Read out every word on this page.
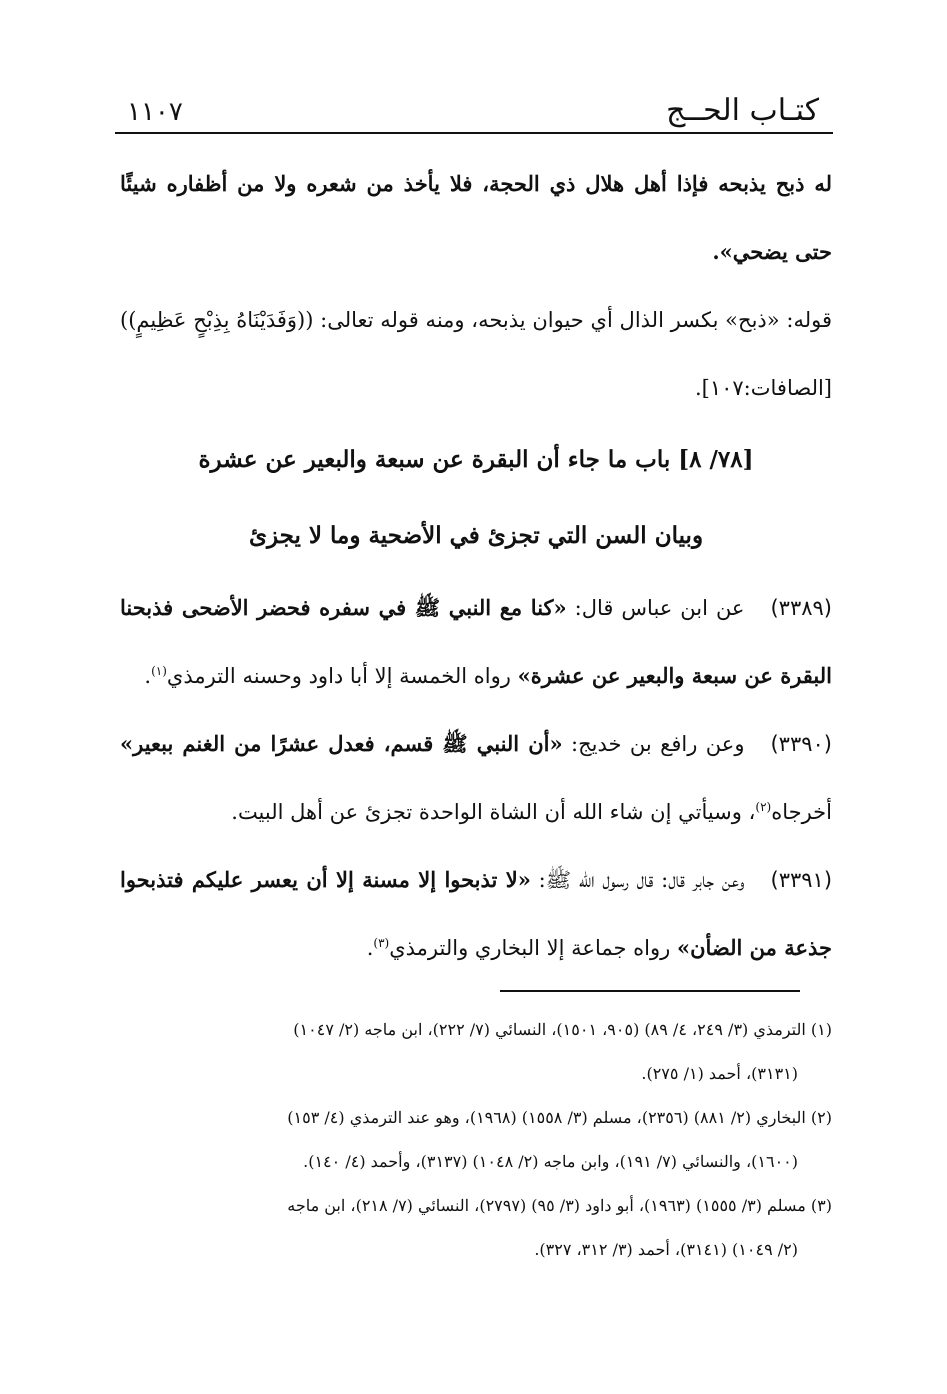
كتـاب الحــج
١١٠٧

له ذبح يذبحه فإذا أهل هلال ذي الحجة، فلا يأخذ من شعره ولا من أظفاره شيئًا حتى يضحي».

قوله: «ذبح» بكسر الذال أي حيوان يذبحه، ومنه قوله تعالى: ((وَفَدَيْنَاهُ بِذِبْحٍ عَظِيمٍ)) [الصافات:١٠٧].

[٧٨/ ٨] باب ما جاء أن البقرة عن سبعة والبعير عن عشرة
وبيان السن التي تجزئ في الأضحية وما لا يجزئ

(٣٣٨٩)عن ابن عباس قال: «كنا مع النبي ﷺ في سفره فحضر الأضحى فذبحنا البقرة عن سبعة والبعير عن عشرة» رواه الخمسة إلا أبا داود وحسنه الترمذي$^{(١)}$.

(٣٣٩٠)وعن رافع بن خديج: «أن النبي ﷺ قسم، فعدل عشرًا من الغنم ببعير» أخرجاه$^{(٢)}$، وسيأتي إن شاء الله أن الشاة الواحدة تجزئ عن أهل البيت.

(٣٣٩١)وعن جابر قال: قال رسول الله ﷺ: «لا تذبحوا إلا مسنة إلا أن يعسر عليكم فتذبحوا جذعة من الضأن» رواه جماعة إلا البخاري والترمذي$^{(٣)}$.

(١) الترمذي (٣/ ٢٤٩، ٤/ ٨٩) (٩٠٥، ١٥٠١)، النسائي (٧/ ٢٢٢)، ابن ماجه (٢/ ١٠٤٧)

(٣١٣١)، أحمد (١/ ٢٧٥).

(٢) البخاري (٢/ ٨٨١) (٢٣٥٦)، مسلم (٣/ ١٥٥٨) (١٩٦٨)، وهو عند الترمذي (٤/ ١٥٣)

(١٦٠٠)، والنسائي (٧/ ١٩١)، وابن ماجه (٢/ ١٠٤٨) (٣١٣٧)، وأحمد (٤/ ١٤٠).

(٣) مسلم (٣/ ١٥٥٥) (١٩٦٣)، أبو داود (٣/ ٩٥) (٢٧٩٧)، النسائي (٧/ ٢١٨)، ابن ماجه

(٢/ ١٠٤٩) (٣١٤١)، أحمد (٣/ ٣١٢، ٣٢٧).
